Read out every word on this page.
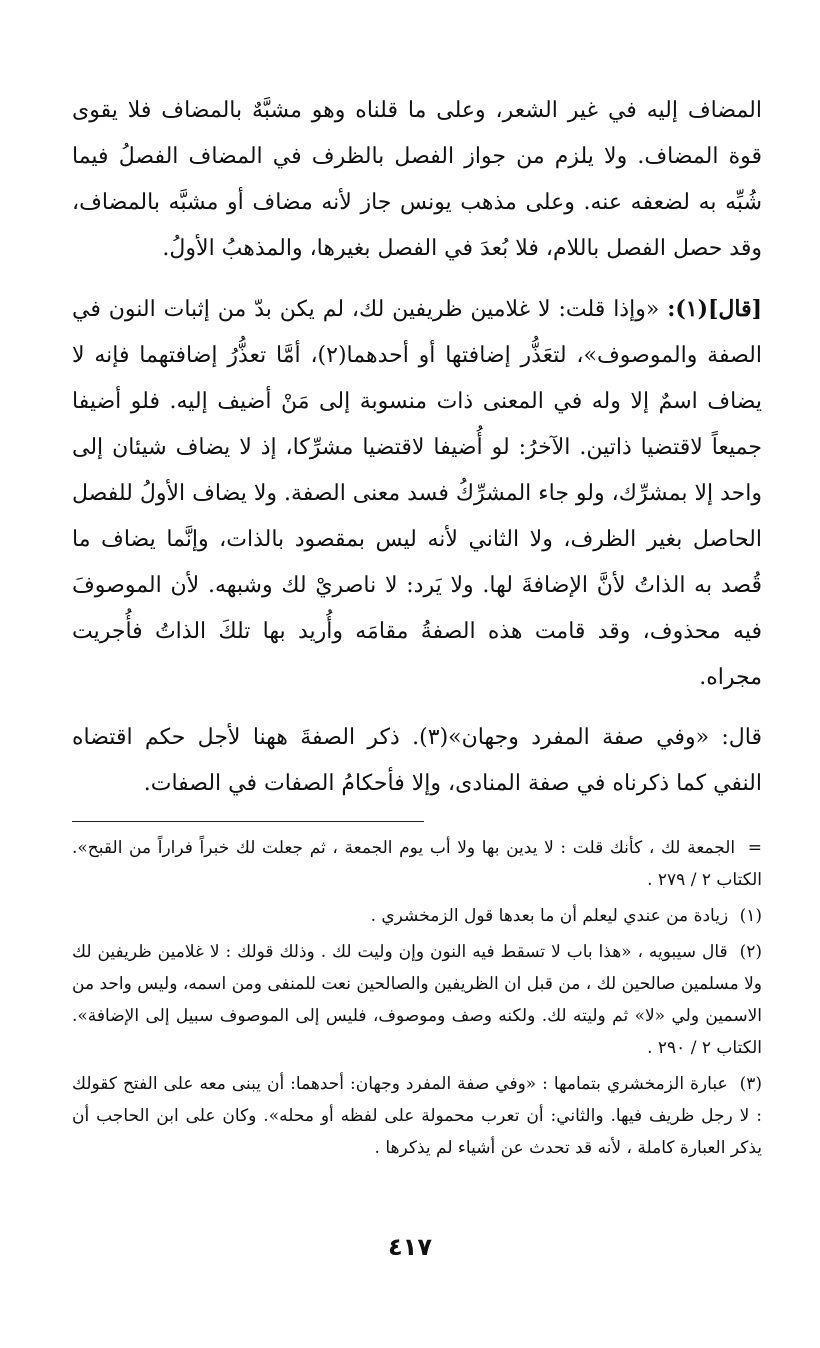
المضاف إليه في غير الشعر، وعلى ما قلناه وهو مشبَّهٌ بالمضاف فلا يقوى قوة المضاف. ولا يلزم من جواز الفصل بالظرف في المضاف الفصلُ فيما شُبِّه به لضعفه عنه. وعلى مذهب يونس جاز لأنه مضاف أو مشبَّه بالمضاف، وقد حصل الفصل باللام، فلا بُعدَ في الفصل بغيرها، والمذهبُ الأولُ.

[قال](١): «وإذا قلت: لا غلامين ظريفين لك، لم يكن بدّ من إثبات النون في الصفة والموصوف»، لتعَذُّر إضافتها أو أحدهما(٢)، أمَّا تعذُّرُ إضافتهما فإنه لا يضاف اسمٌ إلا وله في المعنى ذات منسوبة إلى مَنْ أضيف إليه. فلو أضيفا جميعاً لاقتضيا ذاتين. الآخرُ: لو أُضيفا لاقتضيا مشرِّكا، إذ لا يضاف شيئان إلى واحد إلا بمشرِّك، ولو جاء المشرِّكُ فسد معنى الصفة. ولا يضاف الأولُ للفصل الحاصل بغير الظرف، ولا الثاني لأنه ليس بمقصود بالذات، وإنَّما يضاف ما قُصد به الذاتُ لأنَّ الإضافةَ لها. ولا يَرد: لا ناصريْ لك وشبهه. لأن الموصوفَ فيه محذوف، وقد قامت هذه الصفةُ مقامَه وأُريد بها تلكَ الذاتُ فأُجريت مجراه.

قال: «وفي صفة المفرد وجهان»(٣). ذكر الصفةَ ههنا لأجل حكم اقتضاه النفي كما ذكرناه في صفة المنادى، وإلا فأحكامُ الصفات في الصفات.

= الجمعة لك ، كأنك قلت : لا يدين بها ولا أب يوم الجمعة ، ثم جعلت لك خبراً فراراً من القبح». الكتاب ٢ / ٢٧٩ .

(١) زيادة من عندي ليعلم أن ما بعدها قول الزمخشري .

(٢) قال سيبويه ، «هذا باب لا تسقط فيه النون وإن وليت لك . وذلك قولك : لا غلامين ظريفين لك ولا مسلمين صالحين لك ، من قبل ان الظريفين والصالحين نعت للمنفى ومن اسمه، وليس واحد من الاسمين ولي «لا» ثم وليته لك. ولكنه وصف وموصوف، فليس إلى الموصوف سبيل إلى الإضافة». الكتاب ٢ / ٢٩٠ .

(٣) عبارة الزمخشري بتمامها : «وفي صفة المفرد وجهان: أحدهما: أن يبنى معه على الفتح كقولك : لا رجل ظريف فيها. والثاني: أن تعرب محمولة على لفظه أو محله». وكان على ابن الحاجب أن يذكر العبارة كاملة ، لأنه قد تحدث عن أشياء لم يذكرها .

٤١٧
